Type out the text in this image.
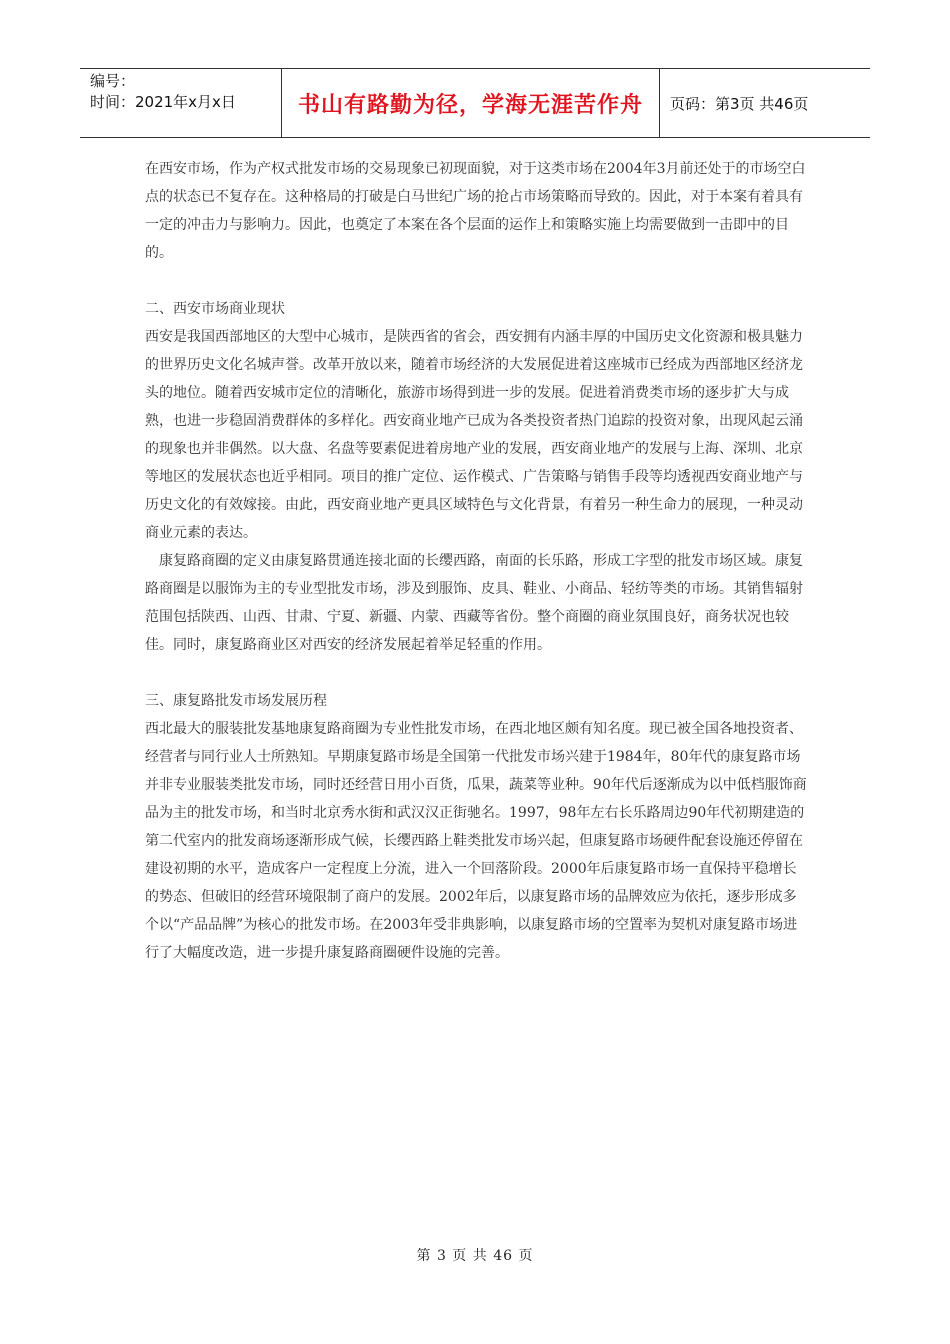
编号：
时间：2021年x月x日	书山有路勤为径，学海无涯苦作舟 页码：第3页 共46页

在西安市场，作为产权式批发市场的交易现象已初现面貌，对于这类市场在2004年3月前还处于的市场空白点的状态已不复存在。这种格局的打破是白马世纪广场的抢占市场策略而导致的。因此，对于本案有着具有一定的冲击力与影响力。因此，也奠定了本案在各个层面的运作上和策略实施上均需要做到一击即中的目的。

二、西安市场商业现状

西安是我国西部地区的大型中心城市，是陕西省的省会，西安拥有内涵丰厚的中国历史文化资源和极具魅力的世界历史文化名城声誉。改革开放以来，随着市场经济的大发展促进着这座城市已经成为西部地区经济龙头的地位。随着西安城市定位的清晰化，旅游市场得到进一步的发展。促进着消费类市场的逐步扩大与成熟，也进一步稳固消费群体的多样化。西安商业地产已成为各类投资者热门追踪的投资对象，出现风起云涌的现象也并非偶然。以大盘、名盘等要素促进着房地产业的发展，西安商业地产的发展与上海、深圳、北京等地区的发展状态也近乎相同。项目的推广定位、运作模式、广告策略与销售手段等均透视西安商业地产与历史文化的有效嫁接。由此，西安商业地产更具区域特色与文化背景，有着另一种生命力的展现，一种灵动商业元素的表达。

康复路商圈的定义由康复路贯通连接北面的长缨西路，南面的长乐路，形成工字型的批发市场区域。康复路商圈是以服饰为主的专业型批发市场，涉及到服饰、皮具、鞋业、小商品、轻纺等类的市场。其销售辐射范围包括陕西、山西、甘肃、宁夏、新疆、内蒙、西藏等省份。整个商圈的商业氛围良好，商务状况也较佳。同时，康复路商业区对西安的经济发展起着举足轻重的作用。

三、康复路批发市场发展历程

西北最大的服装批发基地康复路商圈为专业性批发市场，在西北地区颇有知名度。现已被全国各地投资者、经营者与同行业人士所熟知。早期康复路市场是全国第一代批发市场兴建于1984年，80年代的康复路市场并非专业服装类批发市场，同时还经营日用小百货，瓜果，蔬菜等业种。90年代后逐渐成为以中低档服饰商品为主的批发市场，和当时北京秀水街和武汉汉正街驰名。1997，98年左右长乐路周边90年代初期建造的第二代室内的批发商场逐渐形成气候，长缨西路上鞋类批发市场兴起，但康复路市场硬件配套设施还停留在建设初期的水平，造成客户一定程度上分流，进入一个回落阶段。2000年后康复路市场一直保持平稳增长的势态、但破旧的经营环境限制了商户的发展。2002年后，以康复路市场的品牌效应为依托，逐步形成多个以“产品品牌”为核心的批发市场。在2003年受非典影响，以康复路市场的空置率为契机对康复路市场进行了大幅度改造，进一步提升康复路商圈硬件设施的完善。

第 3 页 共 46 页
